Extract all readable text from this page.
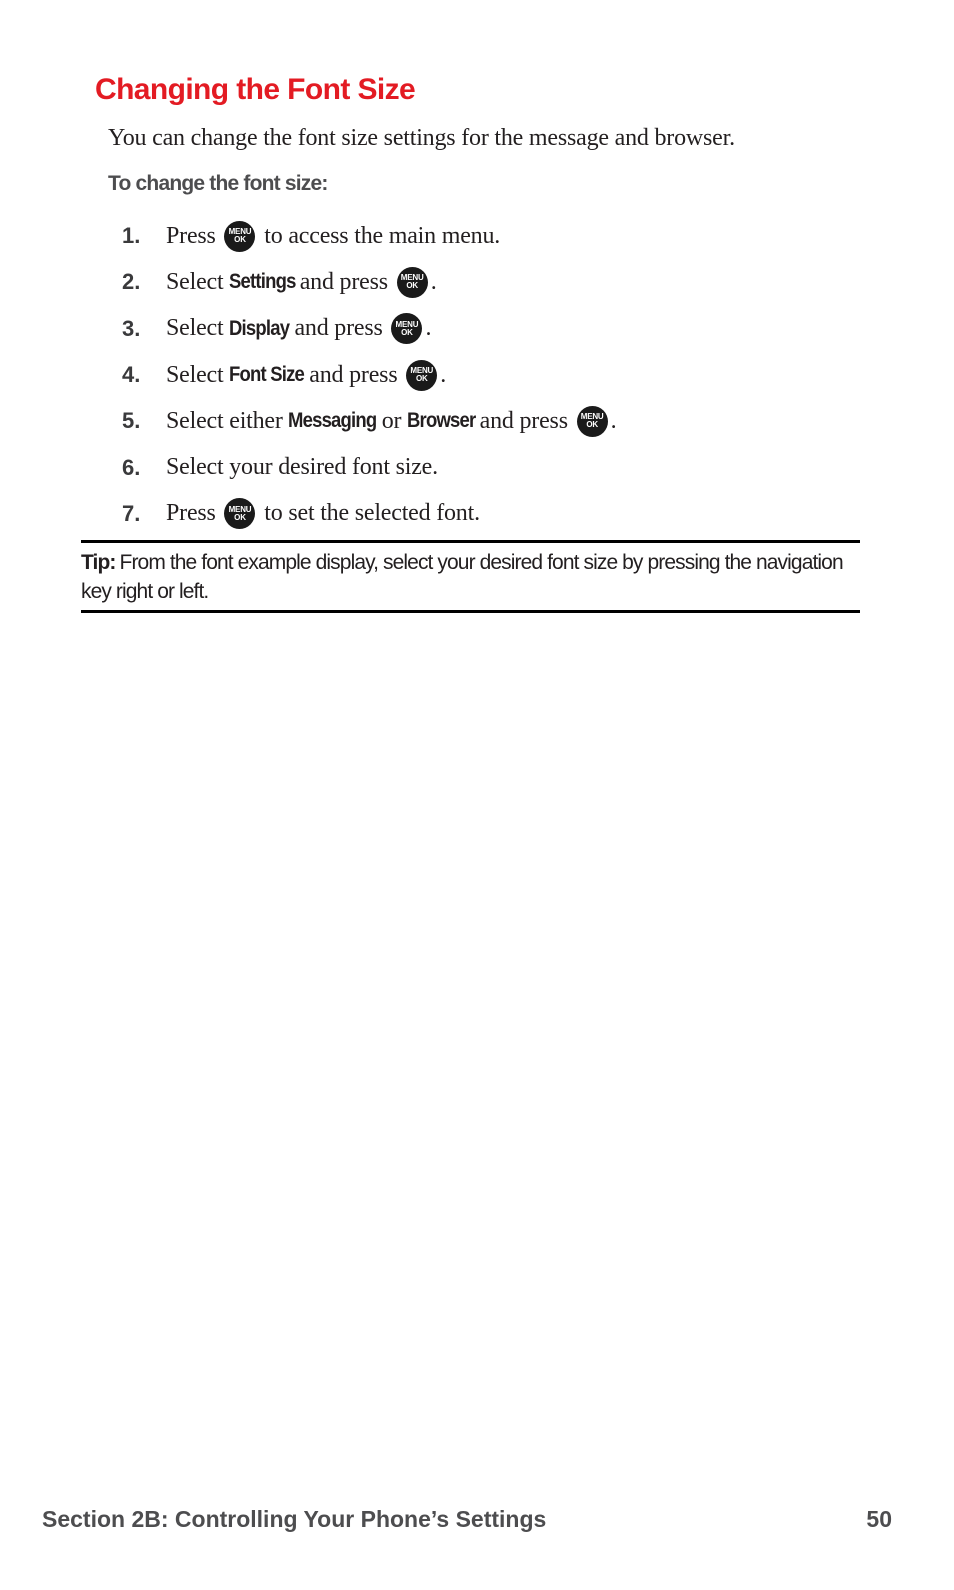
Changing the Font Size

You can change the font size settings for the message and browser.

To change the font size:

1.	Press MENU
OK to access the main menu.
2.	Select Settings
and press MENU
OK .
3.	Select Display and press MENU
OK .
4.	Select Font Size and press MENU
OK .
5.	Select either Messaging or Browser
and press MENU
OK .
6.	Select your desired font size.
7.	Press MENU
OK to set the selected font.

Tip: From the font example display, select your desired font size by pressing the navigation key right or left.

Section 2B: Controlling Your Phone’s Settings	50
